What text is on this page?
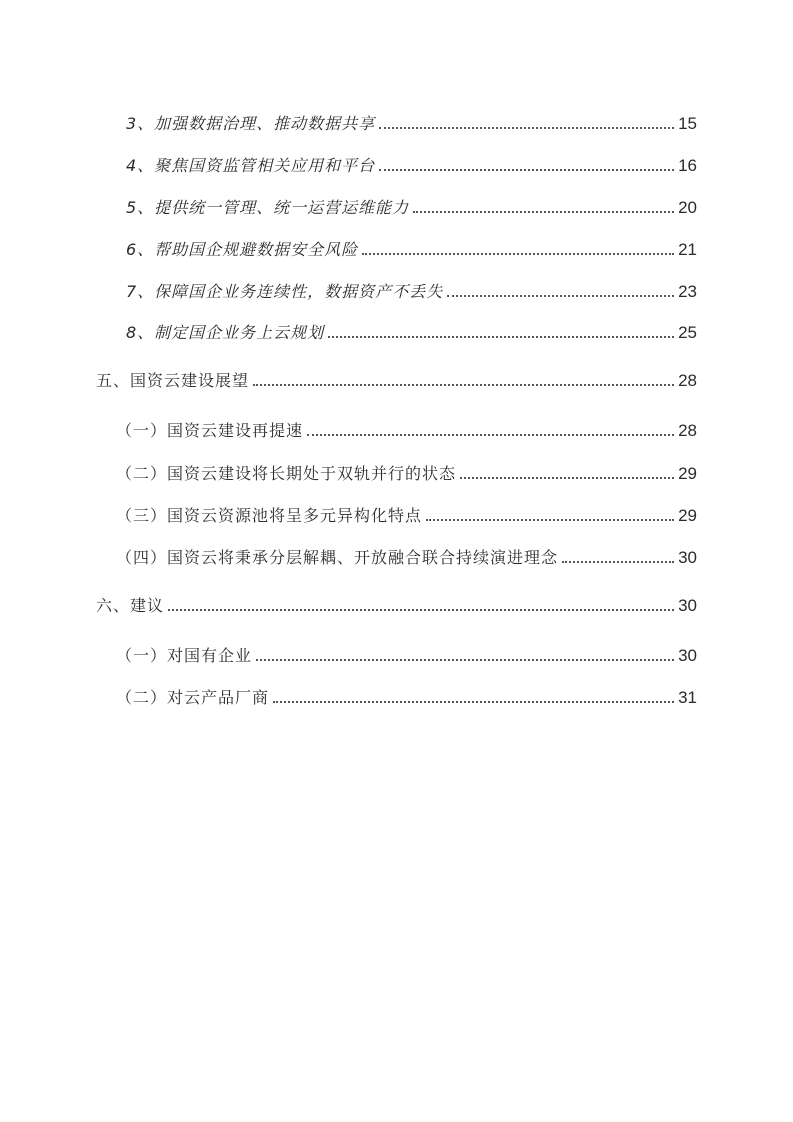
3、加强数据治理、推动数据共享	15
4、聚焦国资监管相关应用和平台	16
5、提供统一管理、统一运营运维能力	20
6、帮助国企规避数据安全风险	21
7、保障国企业务连续性，数据资产不丢失	23
8、制定国企业务上云规划	25
五、国资云建设展望	28
（一）国资云建设再提速	28
（二）国资云建设将长期处于双轨并行的状态	29
（三）国资云资源池将呈多元异构化特点	29
（四）国资云将秉承分层解耦、开放融合联合持续演进理念	30
六、建议	30
（一）对国有企业	30
（二）对云产品厂商	31
